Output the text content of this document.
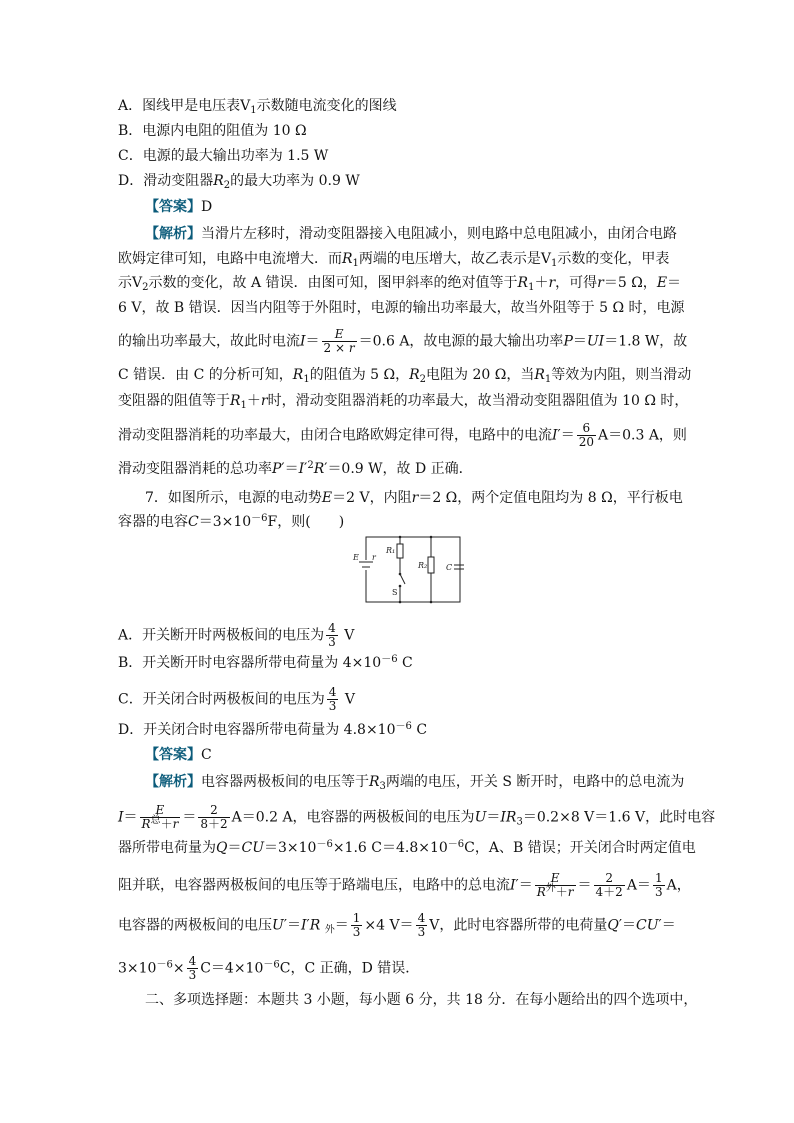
A．图线甲是电压表$V_1$示数随电流变化的图线
B．电源内电阻的阻值为 10 Ω
C．电源的最大输出功率为 1.5 W
D．滑动变阻器$R_2$的最大功率为 0.9 W
【答案】D
【解析】当滑片左移时，滑动变阻器接入电阻减小，则电路中总电阻减小，由闭合电路
欧姆定律可知，电路中电流增大．而$R_1$两端的电压增大，故乙表示是$V_1$示数的变化，甲表
示$V_2$示数的变化，故 A 错误．由图可知，图甲斜率的绝对值等于$R_1+r$，可得r＝5 Ω，E＝
6 V，故 B 错误．因当内阻等于外阻时，电源的输出功率最大，故当外阻等于 5 Ω 时，电源
的输出功率最大，故此时电流$I= \frac{E}{2 \times r} =0.6$ A，故电源的最大输出功率P＝UI＝1.8 W，故
C 错误．由 C 的分析可知，$R_1$的阻值为 5 Ω，$R_2$电阻为 20 Ω，当$R_1$等效为内阻，则当滑动
变阻器的阻值等于$R_1+r$时，滑动变阻器消耗的功率最大，故当滑动变阻器阻值为 10 Ω 时，
滑动变阻器消耗的功率最大，由闭合电路欧姆定律可得，电路中的电流$I'= \frac{6}{20} A=0.3$ A，则
滑动变阻器消耗的总功率$P'=I'^2R'=0.9$ W，故 D 正确．
7．如图所示，电源的电动势E＝2 V，内阻r＝2 Ω，两个定值电阻均为 8 Ω，平行板电
容器的电容$C=3\times 10^{-6}F$，则(　　)
E r
R₁
R₂ C
S
A．开关断开时两极板间的电压为 $\frac{4}{3}$ V
B．开关断开时电容器所带电荷量为 $4\times 10^{-6}$ C
C．开关闭合时两极板间的电压为 $\frac{4}{3}$ V
D．开关闭合时电容器所带电荷量为 $4.8\times 10^{-6}$ C
【答案】C
【解析】电容器两极板间的电压等于$R_3$两端的电压，开关 S 断开时，电路中的总电流为
$I= \frac{E}{R^总+r} = \frac{2}{8+2} A=0.2$ A，电容器的两极板间的电压为$U=IR_3=0.2\times 8$ V＝1.6 V，此时电容
器所带电荷量为$Q=CU=3\times 10^{-6}\times 1.6$ $C=4.8\times 10^{-6}C$，A、B 错误；开关闭合时两定值电
阻并联，电容器两极板间的电压等于路端电压，电路中的总电流$I'= \frac{E}{R^外+r} = \frac{2}{4+2} A= \frac{1}{3}$ A，
电容器的两极板间的电压U′＝I′R $_外= \frac{1}{3} \times 4$ $V= \frac{4}{3}$ V，此时电容器所带的电荷量Q′＝CU′＝
$3\times 10^{-6}\times \frac{4}{3} C=4\times 10^{-6}C$，C 正确，D 错误．
二、多项选择题：本题共 3 小题，每小题 6 分，共 18 分．在每小题给出的四个选项中，
